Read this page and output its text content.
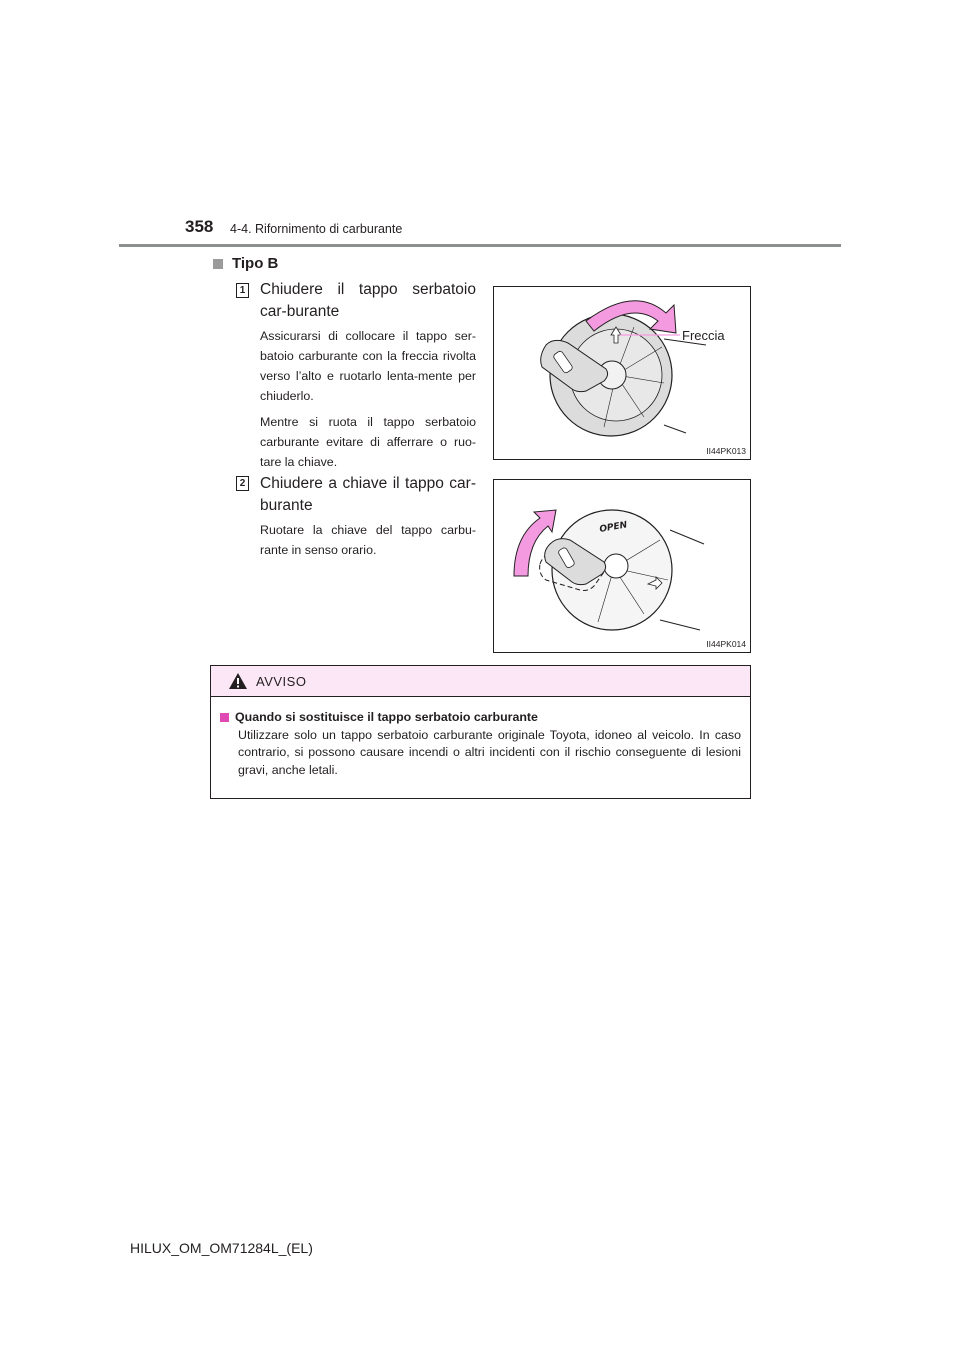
358 4-4. Rifornimento di carburante
Tipo B
1 Chiudere il tappo serbatoio car-burante

Assicurarsi di collocare il tappo ser-batoio carburante con la freccia rivolta verso l’alto e ruotarlo lenta-mente per chiuderlo.

Mentre si ruota il tappo serbatoio carburante evitare di afferrare o ruo-tare la chiave.

Freccia
II44PK013
2 Chiudere a chiave il tappo car-burante

Ruotare la chiave del tappo carbu-rante in senso orario.

OPEN
II44PK014
AVVISO
Quando si sostituisce il tappo serbatoio carburante
Utilizzare solo un tappo serbatoio carburante originale Toyota, idoneo al veicolo. In caso contrario, si possono causare incendi o altri incidenti con il rischio conseguente di lesioni gravi, anche letali.
HILUX_OM_OM71284L_(EL)
